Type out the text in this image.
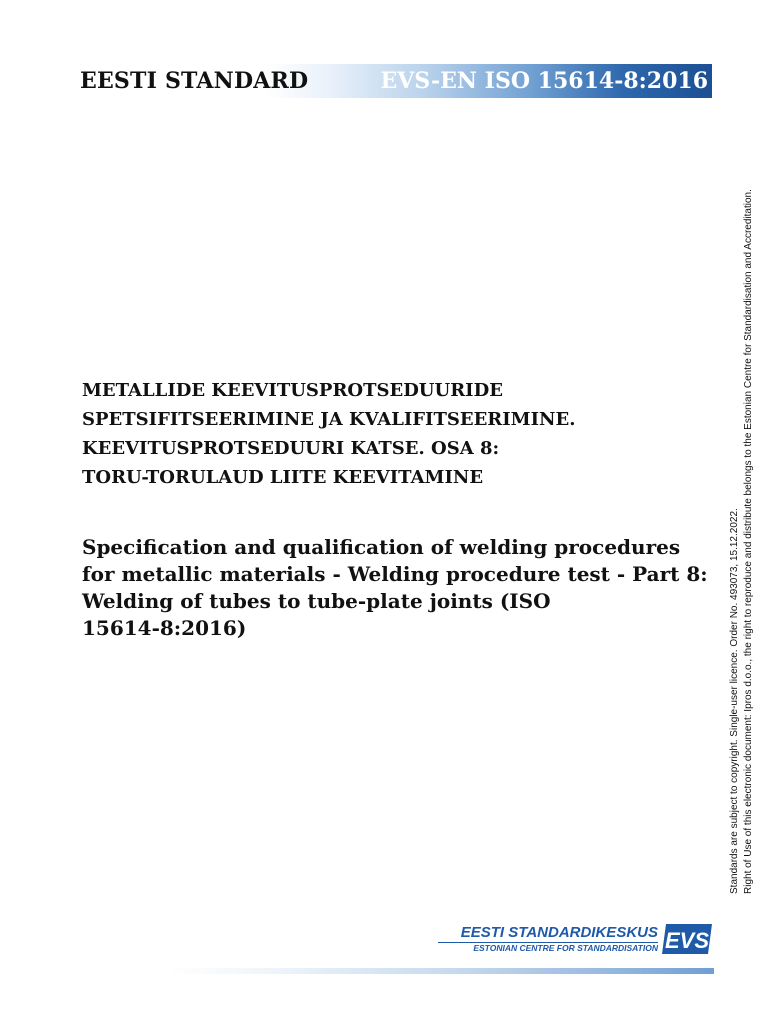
EESTI STANDARD	EVS-EN ISO 15614-8:2016
METALLIDE KEEVITUSPROTSEDUURIDE
SPETSIFITSEERIMINE JA KVALIFITSEERIMINE.
KEEVITUSPROTSEDUURI KATSE. OSA 8:
TORU-TORULAUD LIITE KEEVITAMINE
Specification and qualification of welding procedures
for metallic materials - Welding procedure test - Part 8:
Welding of tubes to tube-plate joints (ISO
15614-8:2016)	Standards are subject to copyright. Single-user licence. Order No. 493073, 15.12.2022. Right of Use of this electronic document: Ipros d.o.o., the right to reproduce and distribute belongs to the Estonian Centre for Standardisation and Accreditation.
EESTI STANDARDIKESKUS
ESTONIAN CENTRE FOR STANDARDISATION EVS
